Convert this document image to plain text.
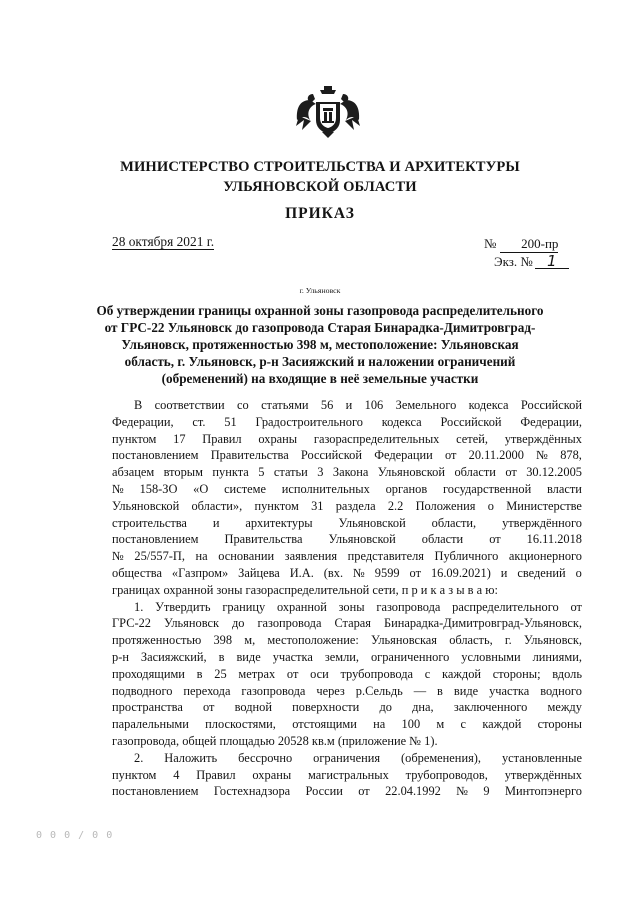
МИНИСТЕРСТВО СТРОИТЕЛЬСТВА И АРХИТЕКТУРЫ
УЛЬЯНОВСКОЙ ОБЛАСТИ
ПРИКАЗ
28 октября 2021 г.	№ 200-пр
Экз. № 1
г. Ульяновск
Об утверждении границы охранной зоны газопровода распределительного
от ГРС-22 Ульяновск до газопровода Старая Бинарадка-Димитровград-
Ульяновск, протяженностью 398 м, местоположение: Ульяновская
область, г. Ульяновск, р-н Засияжский и наложении ограничений
(обременений) на входящие в неё земельные участки
В соответствии со статьями 56 и 106 Земельного кодекса Российской
Федерации, ст. 51 Градостроительного кодекса Российской Федерации,
пунктом 17 Правил охраны газораспределительных сетей, утверждённых
постановлением Правительства Российской Федерации от 20.11.2000 № 878,
абзацем вторым пункта 5 статьи 3 Закона Ульяновской области от 30.12.2005
№ 158-ЗО «О системе исполнительных органов государственной власти
Ульяновской области», пунктом 31 раздела 2.2 Положения о Министерстве
строительства и архитектуры Ульяновской области, утверждённого
постановлением Правительства Ульяновской области от 16.11.2018
№ 25/557-П, на основании заявления представителя Публичного акционерного
общества «Газпром» Зайцева И.А. (вх. № 9599 от 16.09.2021) и сведений о
границах охранной зоны газораспределительной сети, п р и к а з ы в а ю:
1. Утвердить границу охранной зоны газопровода распределительного от
ГРС-22 Ульяновск до газопровода Старая Бинарадка-Димитровград-Ульяновск,
протяженностью 398 м, местоположение: Ульяновская область, г. Ульяновск,
р-н Засияжский, в виде участка земли, ограниченного условными линиями,
проходящими в 25 метрах от оси трубопровода с каждой стороны; вдоль
подводного перехода газопровода через р.Сельдь — в виде участка водного
пространства от водной поверхности до дна, заключенного между
паралельными плоскостями, отстоящими на 100 м с каждой стороны
газопровода, общей площадью 20528 кв.м (приложение № 1).
2. Наложить бессрочно ограничения (обременения), установленные
пунктом 4 Правил охраны магистральных трубопроводов, утверждённых
постановлением Гостехнадзора России от 22.04.1992 № 9 Минтопэнерго
0 0 0 / 0 0
